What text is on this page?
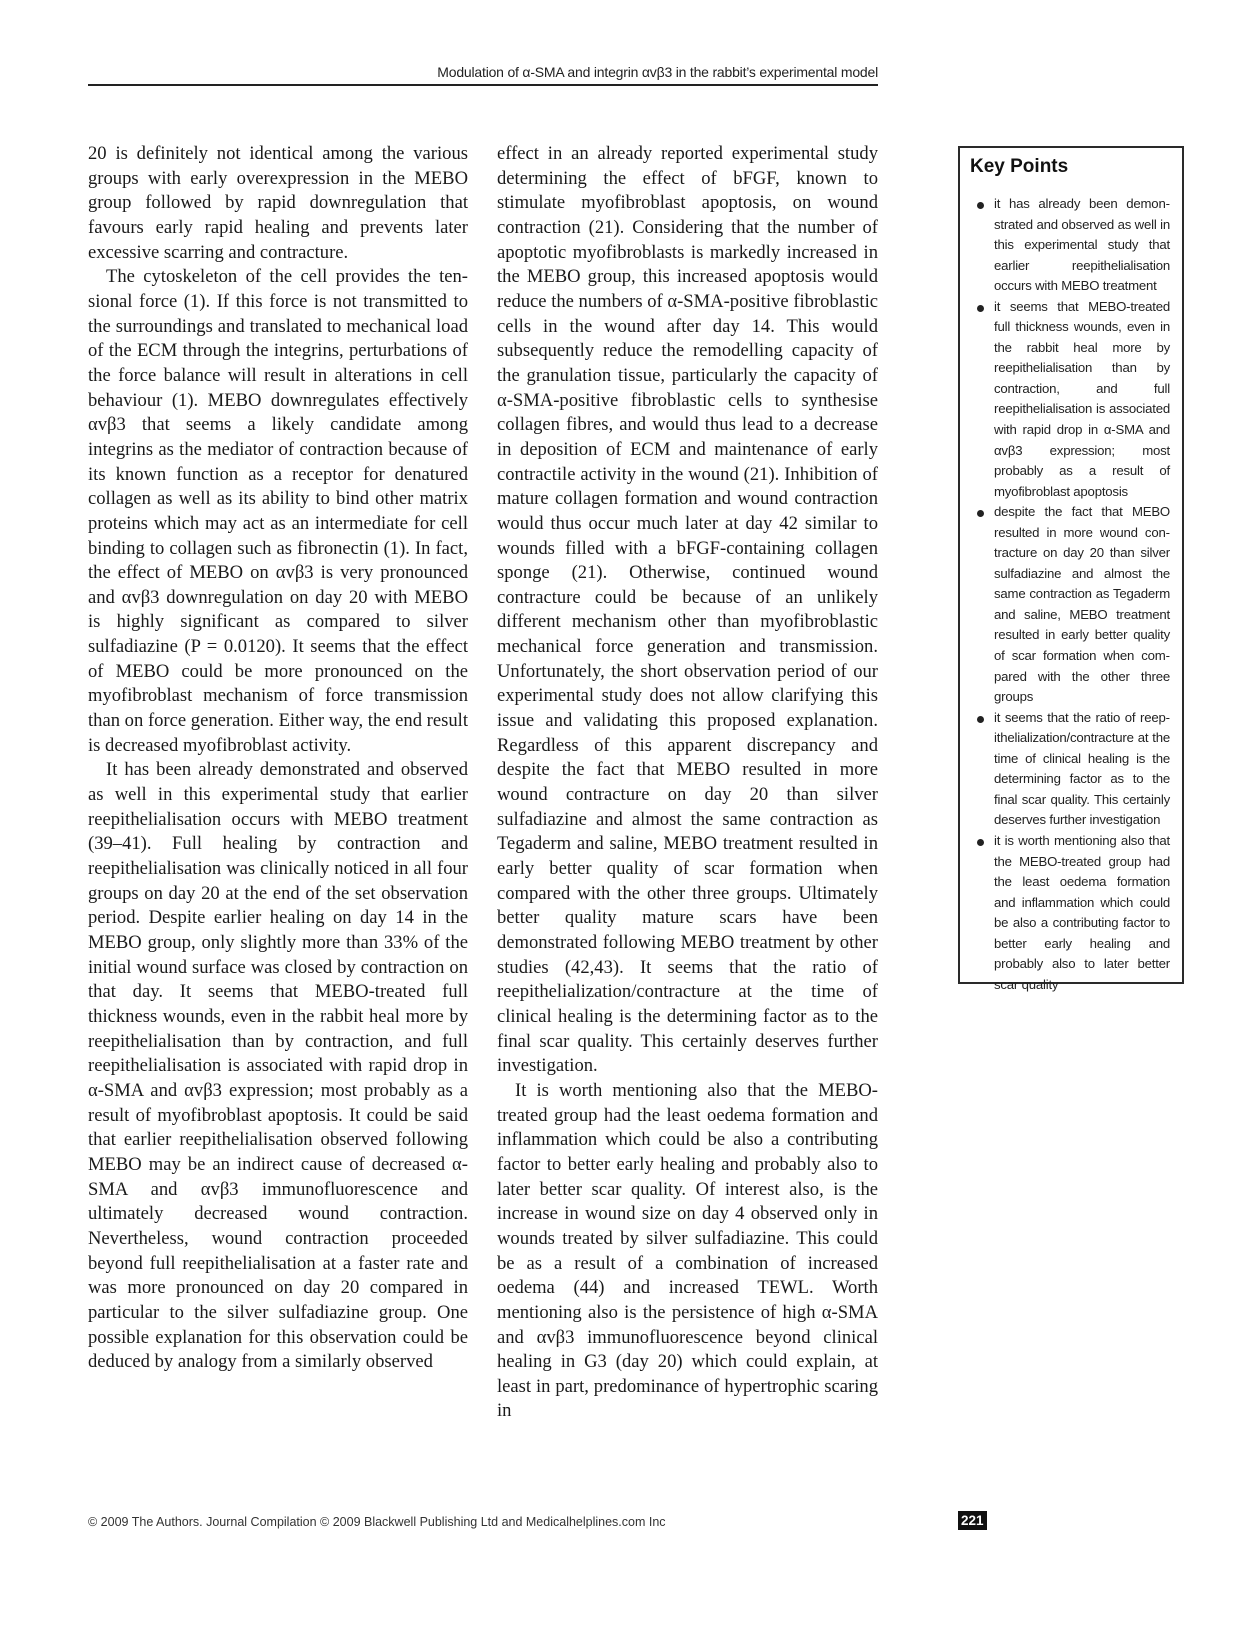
Modulation of α-SMA and integrin αvβ3 in the rabbit’s experimental model

20 is definitely not identical among the various groups with early overexpression in the MEBO group followed by rapid downregulation that favours early rapid healing and prevents later excessive scarring and contracture.

The cytoskeleton of the cell provides the tensional force (1). If this force is not transmitted to the surroundings and translated to mechanical load of the ECM through the integrins, perturbations of the force balance will result in alterations in cell behaviour (1). MEBO downregulates effectively αvβ3 that seems a likely candidate among integrins as the mediator of contraction because of its known function as a receptor for denatured collagen as well as its ability to bind other matrix proteins which may act as an intermediate for cell binding to collagen such as fibronectin (1). In fact, the effect of MEBO on αvβ3 is very pronounced and αvβ3 downregulation on day 20 with MEBO is highly significant as compared to silver sulfadiazine (P = 0.0120). It seems that the effect of MEBO could be more pronounced on the myofibroblast mechanism of force transmission than on force generation. Either way, the end result is decreased myofibroblast activity.

It has been already demonstrated and observed as well in this experimental study that earlier reepithelialisation occurs with MEBO treatment (39–41). Full healing by contraction and reepithelialisation was clinically noticed in all four groups on day 20 at the end of the set observation period. Despite earlier healing on day 14 in the MEBO group, only slightly more than 33% of the initial wound surface was closed by contraction on that day. It seems that MEBO-treated full thickness wounds, even in the rabbit heal more by reepithelialisation than by contraction, and full reepithelialisation is associated with rapid drop in α-SMA and αvβ3 expression; most probably as a result of myofibroblast apoptosis. It could be said that earlier reepithelialisation observed following MEBO may be an indirect cause of decreased α-SMA and αvβ3 immunofluorescence and ultimately decreased wound contraction. Nevertheless, wound contraction proceeded beyond full reepithelialisation at a faster rate and was more pronounced on day 20 compared in particular to the silver sulfadiazine group. One possible explanation for this observation could be deduced by analogy from a similarly observed

effect in an already reported experimental study determining the effect of bFGF, known to stimulate myofibroblast apoptosis, on wound contraction (21). Considering that the number of apoptotic myofibroblasts is markedly increased in the MEBO group, this increased apoptosis would reduce the numbers of α-SMA-positive fibroblastic cells in the wound after day 14. This would subsequently reduce the remodelling capacity of the granulation tissue, particularly the capacity of α-SMA-positive fibroblastic cells to synthesise collagen fibres, and would thus lead to a decrease in deposition of ECM and maintenance of early contractile activity in the wound (21). Inhibition of mature collagen formation and wound contraction would thus occur much later at day 42 similar to wounds filled with a bFGF-containing collagen sponge (21). Otherwise, continued wound contracture could be because of an unlikely different mechanism other than myofibroblastic mechanical force generation and transmission. Unfortunately, the short observation period of our experimental study does not allow clarifying this issue and validating this proposed explanation. Regardless of this apparent discrepancy and despite the fact that MEBO resulted in more wound contracture on day 20 than silver sulfadiazine and almost the same contraction as Tegaderm and saline, MEBO treatment resulted in early better quality of scar formation when compared with the other three groups. Ultimately better quality mature scars have been demonstrated following MEBO treatment by other studies (42,43). It seems that the ratio of reepithelialization/contracture at the time of clinical healing is the determining factor as to the final scar quality. This certainly deserves further investigation.

It is worth mentioning also that the MEBO-treated group had the least oedema formation and inflammation which could be also a contributing factor to better early healing and probably also to later better scar quality. Of interest also, is the increase in wound size on day 4 observed only in wounds treated by silver sulfadiazine. This could be as a result of a combination of increased oedema (44) and increased TEWL. Worth mentioning also is the persistence of high α-SMA and αvβ3 immunofluorescence beyond clinical healing in G3 (day 20) which could explain, at least in part, predominance of hypertrophic scaring in

Key Points
it has already been demonstrated and observed as well in this experimental study that earlier reepithelialisation occurs with MEBO treatment
it seems that MEBO-treated full thickness wounds, even in the rabbit heal more by reepithelialisation than by contraction, and full reepithelialisation is associated with rapid drop in α-SMA and αvβ3 expression; most probably as a result of myofibroblast apoptosis
despite the fact that MEBO resulted in more wound contracture on day 20 than silver sulfadiazine and almost the same contraction as Tegaderm and saline, MEBO treatment resulted in early better quality of scar formation when compared with the other three groups
it seems that the ratio of reepithelialization/contracture at the time of clinical healing is the determining factor as to the final scar quality. This certainly deserves further investigation
it is worth mentioning also that the MEBO-treated group had the least oedema formation and inflammation which could be also a contributing factor to better early healing and probably also to later better scar quality
© 2009 The Authors. Journal Compilation © 2009 Blackwell Publishing Ltd and Medicalhelplines.com Inc	221
